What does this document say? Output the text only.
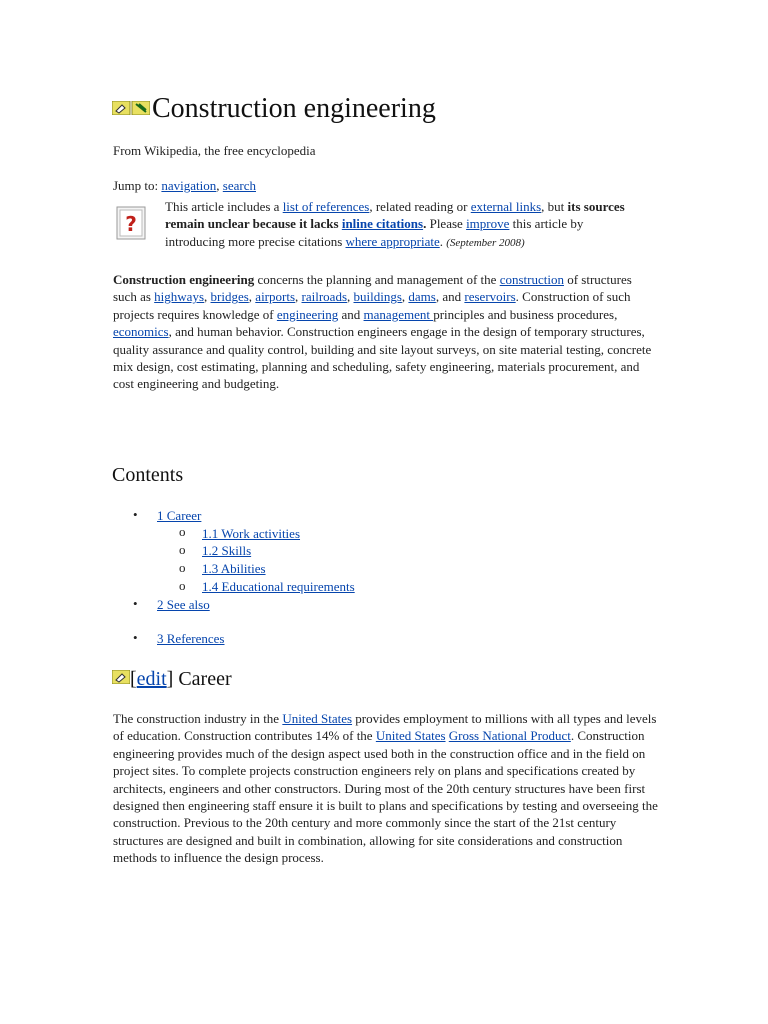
Construction engineering
From Wikipedia, the free encyclopedia
Jump to: navigation, search
?
This article includes a list of references, related reading or external links, but its sources remain unclear because it lacks inline citations. Please improve this article by introducing more precise citations where appropriate. (September 2008)
Construction engineering concerns the planning and management of the construction of structures such as highways, bridges, airports, railroads, buildings, dams, and reservoirs. Construction of such projects requires knowledge of engineering and management principles and business procedures, economics, and human behavior. Construction engineers engage in the design of temporary structures, quality assurance and quality control, building and site layout surveys, on site material testing, concrete mix design, cost estimating, planning and scheduling, safety engineering, materials procurement, and cost engineering and budgeting.
Contents
• 1 Career
o 1.1 Work activities
o 1.2 Skills
o 1.3 Abilities
o 1.4 Educational requirements
• 2 See also
• 3 References
[edit] Career
The construction industry in the United States provides employment to millions with all types and levels of education. Construction contributes 14% of the United States Gross National Product. Construction engineering provides much of the design aspect used both in the construction office and in the field on project sites. To complete projects construction engineers rely on plans and specifications created by architects, engineers and other constructors. During most of the 20th century structures have been first designed then engineering staff ensure it is built to plans and specifications by testing and overseeing the construction. Previous to the 20th century and more commonly since the start of the 21st century structures are designed and built in combination, allowing for site considerations and construction methods to influence the design process.
